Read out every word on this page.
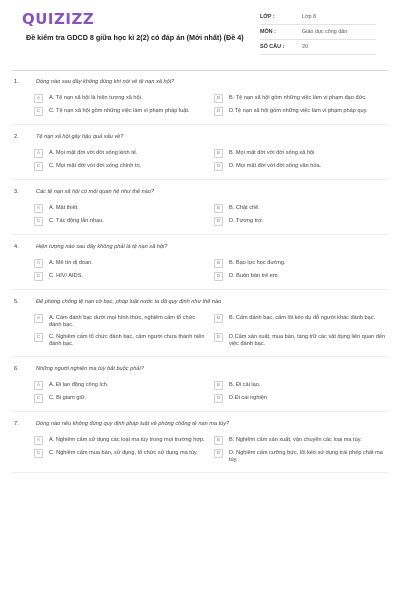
QUIZIZZ
Đề kiểm tra GDCD 8 giữa học kì 2(2) có đáp án (Mới nhất) (Đề 4)
LỚP :	Lớp 8
MÔN :	Giáo dục công dân
SỐ CÂU :	20
1.	Dòng nào sau đây không đúng khi nói về tệ nạn xã hội?
A	A. Tệ nạn xã hội là hiện tượng xã hội.	B	B. Tệ nạn xã hội gồm những việc làm vi phạm đạo đức.
C	C. Tệ nạn xã hội gồm những việc làm vi phạm pháp luật.	D	D.Tệ nạn xã hội gồm những việc làm vi phạm pháp quy.
2.	Tệ nạn xã hội gây hậu quả xấu về?
A	A. Mọi mặt đời với đời sống kinh tế.	B	B. Mọi mặt đời với đời sống xã hội
C	C. Mọi mặt đời với đời sống chính trị.	D	D. Mọi mặt đời với đời sống văn hóa.
3.	Các tệ nạn xã hội có mối quan hệ như thế nào?
A	A. Mật thiết.	B	B. Chặt chẽ.
C	C. Tác động lẫn nhau.	D	D. Tương trợ.
4.	Hiện tượng nào sau đây không phải là tệ nạn xã hội?
A	A. Mê tín dị đoan.	B	B. Bạo lực học đường.
C	C. HIV/ AIDS.	D	D. Buôn bán trẻ em.
5.	Để phòng chống tệ nạn cờ bạc, pháp luật nước ta đã quy định như thế nào
A	A. Cấm đánh bạc dưới mọi hình thức, nghiêm cấm tổ chức đánh bạc.
B	B. Cấm đánh bạc, cấm lôi kéo dụ dỗ người khác đánh bạc.
C	C. Nghiêm cấm tổ chức đánh bạc, cấm người chưa thành niên đánh bạc.
D	D.Cấm sản xuất, mua bán, tàng trữ các vật dụng liên quan đến việc đánh bạc.
6.	Những người nghiện ma túy bắt buộc phải?
A	A. Đi lao động công ích.	B	B. Đi cải lạo.
C	C. Bị giam giữ.	D	D.Đi cai nghiện
7.	Dòng nào nêu không đúng quy định pháp luật về phòng chống tệ nạn ma túy?
A	A. Nghiêm cấm sử dụng các loại ma túy trong mọi trường hợp.	B	B. Nghiêm cấm sản xuất, vận chuyển các loại ma túy.
C	C. Nghiêm cấm mua bán, sử dụng, tổ chức sử dụng ma túy.	D	D. Nghiêm cấm cưỡng bức, lôi kéo sử dụng trái phép chất ma túy.
